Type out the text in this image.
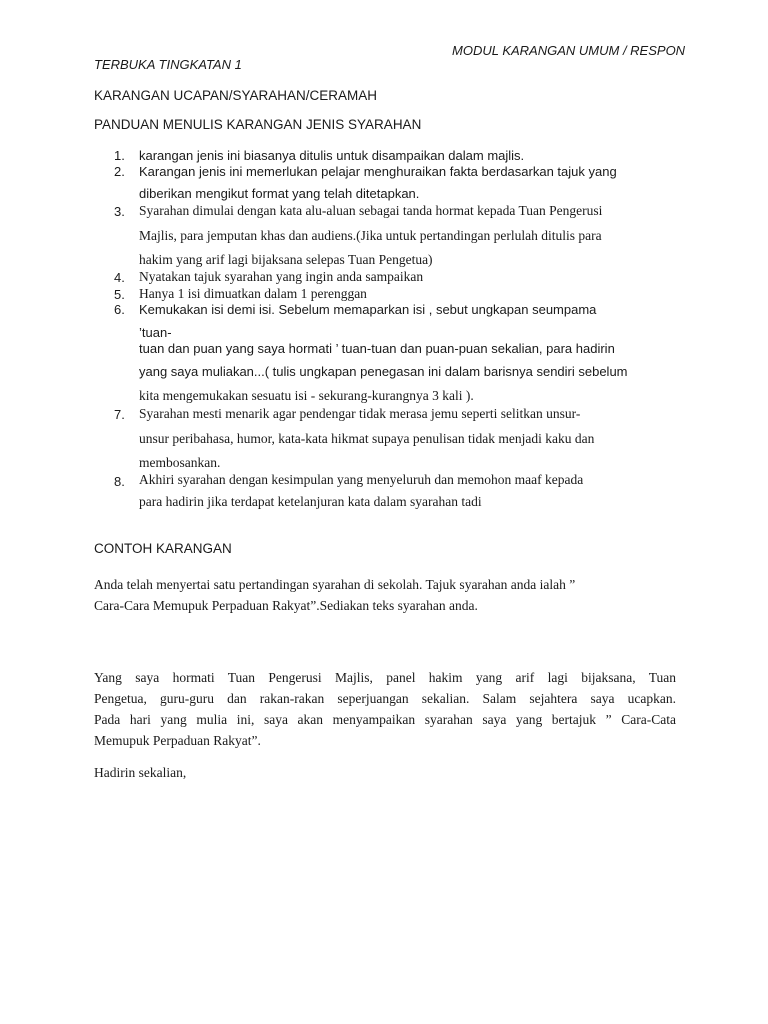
MODUL KARANGAN UMUM / RESPON
TERBUKA TINGKATAN 1
KARANGAN UCAPAN/SYARAHAN/CERAMAH
PANDUAN MENULIS KARANGAN JENIS SYARAHAN
1. karangan jenis ini biasanya ditulis untuk disampaikan dalam majlis.
2. Karangan jenis ini memerlukan pelajar menghuraikan fakta berdasarkan tajuk yang
diberikan mengikut format yang telah ditetapkan.
3. Syarahan dimulai dengan kata alu-aluan sebagai tanda hormat kepada Tuan Pengerusi
Majlis, para jemputan khas dan audiens.(Jika untuk pertandingan perlulah ditulis para
hakim yang arif lagi bijaksana selepas Tuan Pengetua)
4. Nyatakan tajuk syarahan yang ingin anda sampaikan
5. Hanya 1 isi dimuatkan dalam 1 perenggan
6. Kemukakan isi demi isi. Sebelum memaparkan isi , sebut ungkapan seumpama
’tuan-
tuan dan puan yang saya hormati ’ tuan-tuan dan puan-puan sekalian, para hadirin
yang saya muliakan...( tulis ungkapan penegasan ini dalam barisnya sendiri sebelum
kita mengemukakan sesuatu isi - sekurang-kurangnya 3 kali ).
7. Syarahan mesti menarik agar pendengar tidak merasa jemu seperti selitkan unsur-
unsur peribahasa, humor, kata-kata hikmat supaya penulisan tidak menjadi kaku dan
membosankan.
8. Akhiri syarahan dengan kesimpulan yang menyeluruh dan memohon maaf kepada
para hadirin jika terdapat ketelanjuran kata dalam syarahan tadi
CONTOH KARANGAN
Anda telah menyertai satu pertandingan syarahan di sekolah. Tajuk syarahan anda ialah ”
Cara-Cara Memupuk Perpaduan Rakyat”.Sediakan teks syarahan anda.
Yang saya hormati Tuan Pengerusi Majlis, panel hakim yang arif lagi bijaksana, Tuan
Pengetua, guru-guru dan rakan-rakan seperjuangan sekalian. Salam sejahtera saya ucapkan.
Pada hari yang mulia ini, saya akan menyampaikan syarahan saya yang bertajuk ” Cara-Cata
Memupuk Perpaduan Rakyat”.
Hadirin sekalian,
